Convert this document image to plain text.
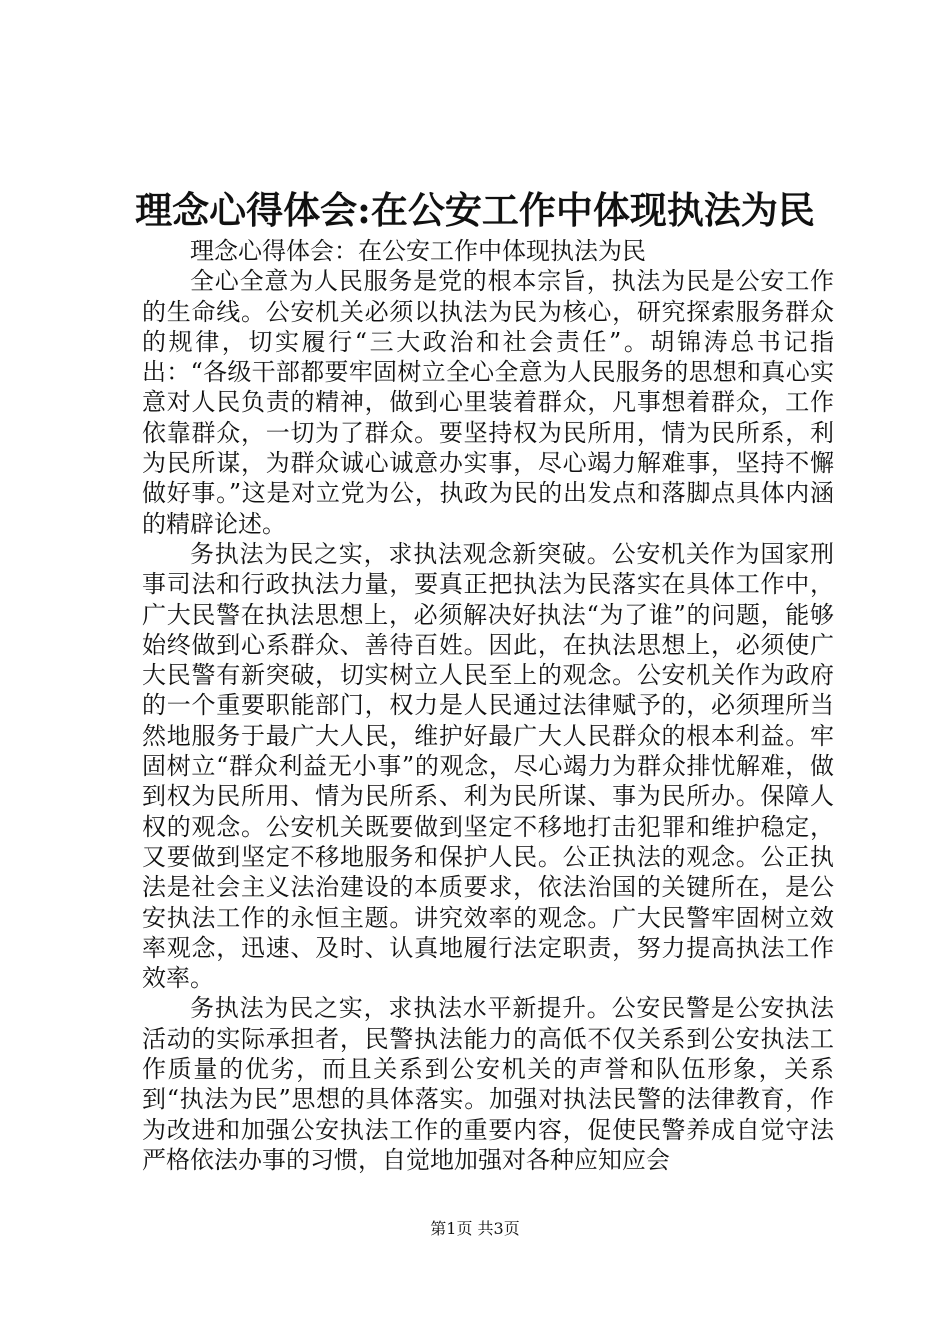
理念心得体会:在公安工作中体现执法为民

理念心得体会：在公安工作中体现执法为民

全心全意为人民服务是党的根本宗旨，执法为民是公安工作的生命线。公安机关必须以执法为民为核心，研究探索服务群众的规律，切实履行“三大政治和社会责任”。胡锦涛总书记指出：“各级干部都要牢固树立全心全意为人民服务的思想和真心实意对人民负责的精神，做到心里装着群众，凡事想着群众，工作依靠群众，一切为了群众。要坚持权为民所用，情为民所系，利为民所谋，为群众诚心诚意办实事，尽心竭力解难事，坚持不懈做好事。”这是对立党为公，执政为民的出发点和落脚点具体内涵的精辟论述。

务执法为民之实，求执法观念新突破。公安机关作为国家刑事司法和行政执法力量，要真正把执法为民落实在具体工作中，广大民警在执法思想上，必须解决好执法“为了谁”的问题，能够始终做到心系群众、善待百姓。因此，在执法思想上，必须使广大民警有新突破，切实树立人民至上的观念。公安机关作为政府的一个重要职能部门，权力是人民通过法律赋予的，必须理所当然地服务于最广大人民，维护好最广大人民群众的根本利益。牢固树立“群众利益无小事”的观念，尽心竭力为群众排忧解难，做到权为民所用、情为民所系、利为民所谋、事为民所办。保障人权的观念。公安机关既要做到坚定不移地打击犯罪和维护稳定，又要做到坚定不移地服务和保护人民。公正执法的观念。公正执法是社会主义法治建设的本质要求，依法治国的关键所在，是公安执法工作的永恒主题。讲究效率的观念。广大民警牢固树立效率观念，迅速、及时、认真地履行法定职责，努力提高执法工作效率。

务执法为民之实，求执法水平新提升。公安民警是公安执法活动的实际承担者，民警执法能力的高低不仅关系到公安执法工作质量的优劣，而且关系到公安机关的声誉和队伍形象，关系到“执法为民”思想的具体落实。加强对执法民警的法律教育，作为改进和加强公安执法工作的重要内容，促使民警养成自觉守法严格依法办事的习惯，自觉地加强对各种应知应会

第1页 共3页
